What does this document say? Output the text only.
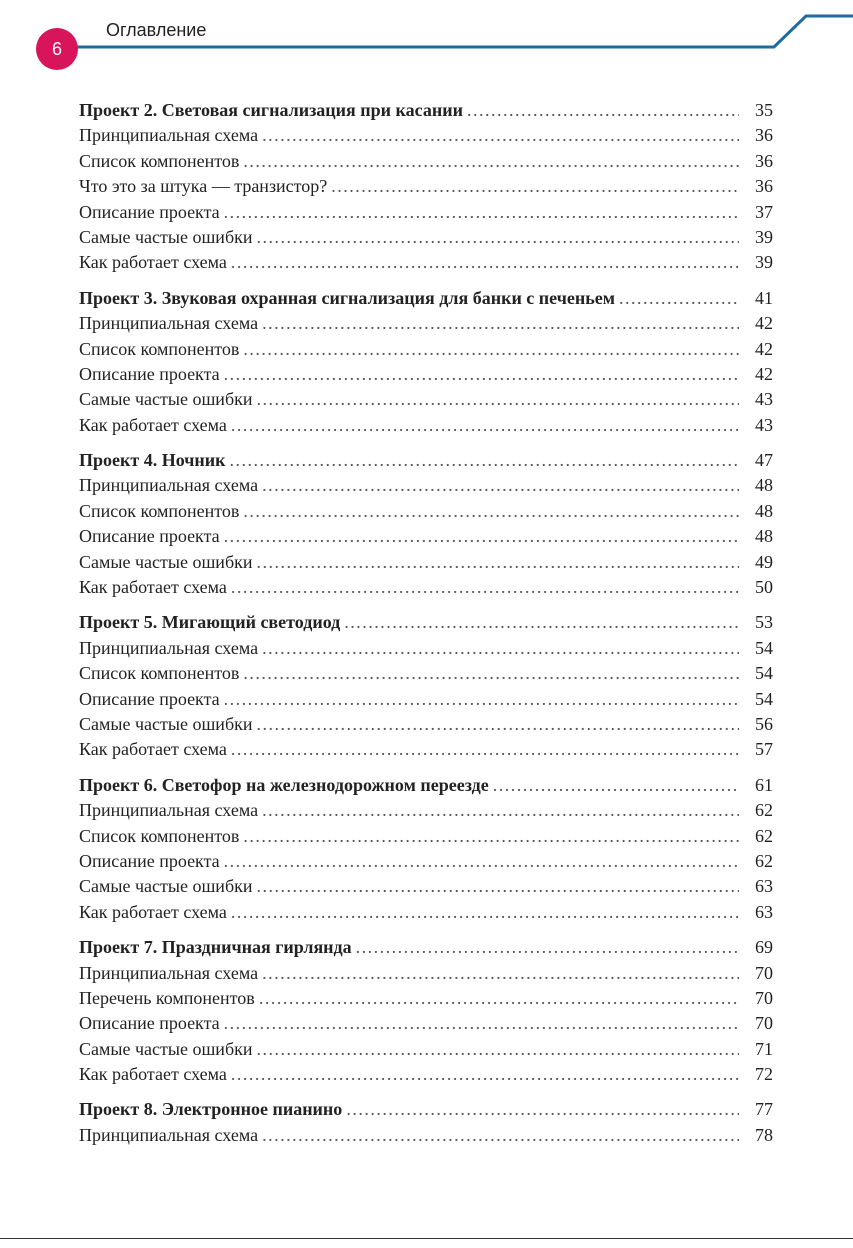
6
Оглавление
Проект 2. Световая сигнализация при касании . . .	35
Принципиальная схема . . .	36
Список компонентов . . .	36
Что это за штука — транзистор? . . .	36
Описание проекта . . .	37
Самые частые ошибки . . .	39
Как работает схема . . .	39
Проект 3. Звуковая охранная сигнализация для банки с печеньем . . .	41
Принципиальная схема . . .	42
Список компонентов . . .	42
Описание проекта . . .	42
Самые частые ошибки . . .	43
Как работает схема . . .	43
Проект 4. Ночник . . .	47
Принципиальная схема . . .	48
Список компонентов . . .	48
Описание проекта . . .	48
Самые частые ошибки . . .	49
Как работает схема . . .	50
Проект 5. Мигающий светодиод . . .	53
Принципиальная схема . . .	54
Список компонентов . . .	54
Описание проекта . . .	54
Самые частые ошибки . . .	56
Как работает схема . . .	57
Проект 6. Светофор на железнодорожном переезде . . .	61
Принципиальная схема . . .	62
Список компонентов . . .	62
Описание проекта . . .	62
Самые частые ошибки . . .	63
Как работает схема . . .	63
Проект 7. Праздничная гирлянда . . .	69
Принципиальная схема . . .	70
Перечень компонентов . . .	70
Описание проекта . . .	70
Самые частые ошибки . . .	71
Как работает схема . . .	72
Проект 8. Электронное пианино . . .	77
Принципиальная схема . . .	78
